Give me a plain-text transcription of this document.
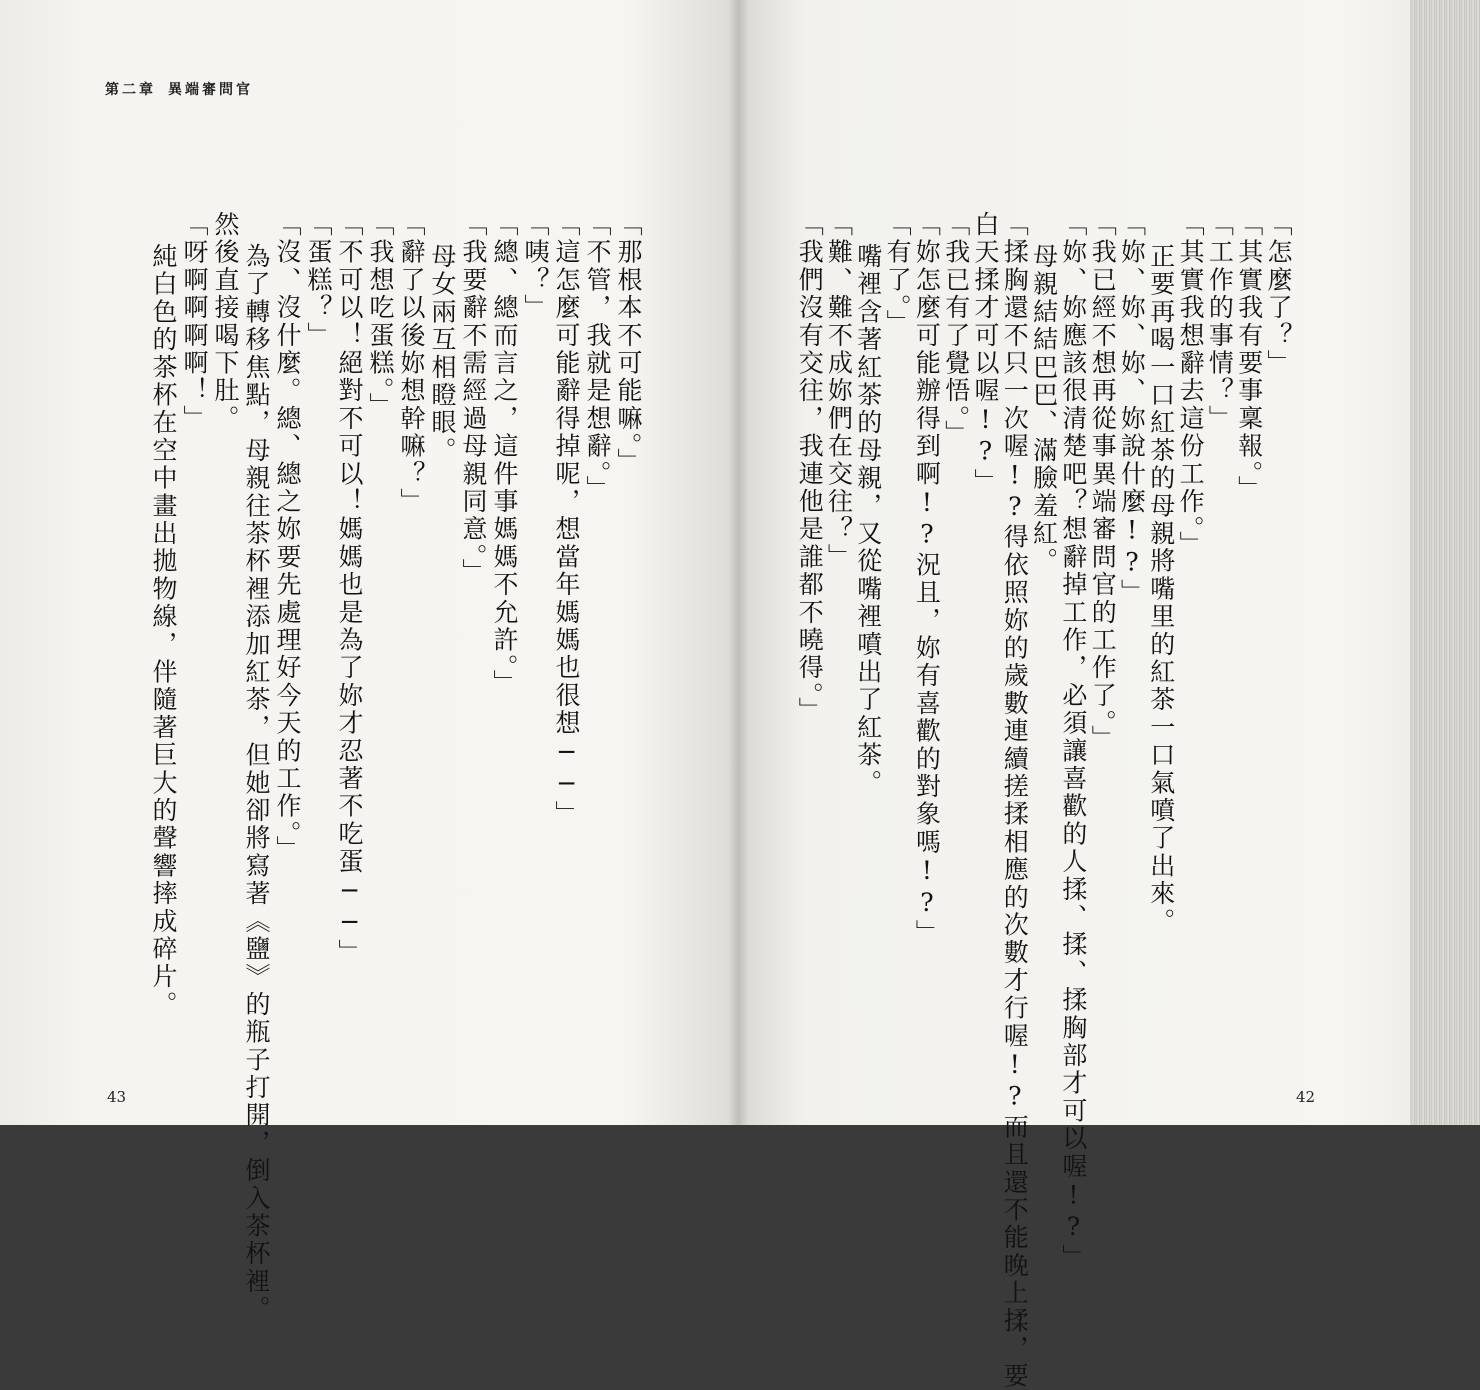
第二章 異端審問官
42
43
「怎麼了？」
「其實我有要事稟報。」
「工作的事情？」
「其實我想辭去這份工作。」
正要再喝一口紅茶的母親將嘴里的紅茶一口氣噴了出來。
「妳、妳、妳、妳說什麼!?」
「我已經不想再從事異端審問官的工作了。」
「妳、妳應該很清楚吧？想辭掉工作，必須讓喜歡的人揉、揉、揉胸部才可以喔!?」
母親結結巴巴、滿臉羞紅。
「揉胸還不只一次喔!?得依照妳的歲數連續搓揉相應的次數才行喔!?而且還不能晚上揉，要
白天揉才可以喔!?」
「我已有了覺悟。」
「妳怎麼可能辦得到啊!?況且，妳有喜歡的對象嗎!?」
「有了。」
嘴裡含著紅茶的母親，又從嘴裡噴出了紅茶。
「難、難不成妳們在交往？」
「我們沒有交往，我連他是誰都不曉得。」
「那根本不可能嘛。」
「不管，我就是想辭。」
「這怎麼可能辭得掉呢，想當年媽媽也很想──」
「咦？」
「總、總而言之，這件事媽媽不允許。」
「我要辭不需經過母親同意。」
母女兩互相瞪眼。
「辭了以後妳想幹嘛？」
「我想吃蛋糕。」
「不可以！絕對不可以！媽媽也是為了妳才忍著不吃蛋──」
「蛋糕？」
「沒、沒什麼。總、總之妳要先處理好今天的工作。」
為了轉移焦點，母親往茶杯裡添加紅茶，但她卻將寫著《鹽》的瓶子打開，倒入茶杯裡。
然後直接喝下肚。
「呀啊啊啊啊！」
純白色的茶杯在空中畫出拋物線，伴隨著巨大的聲響摔成碎片。
